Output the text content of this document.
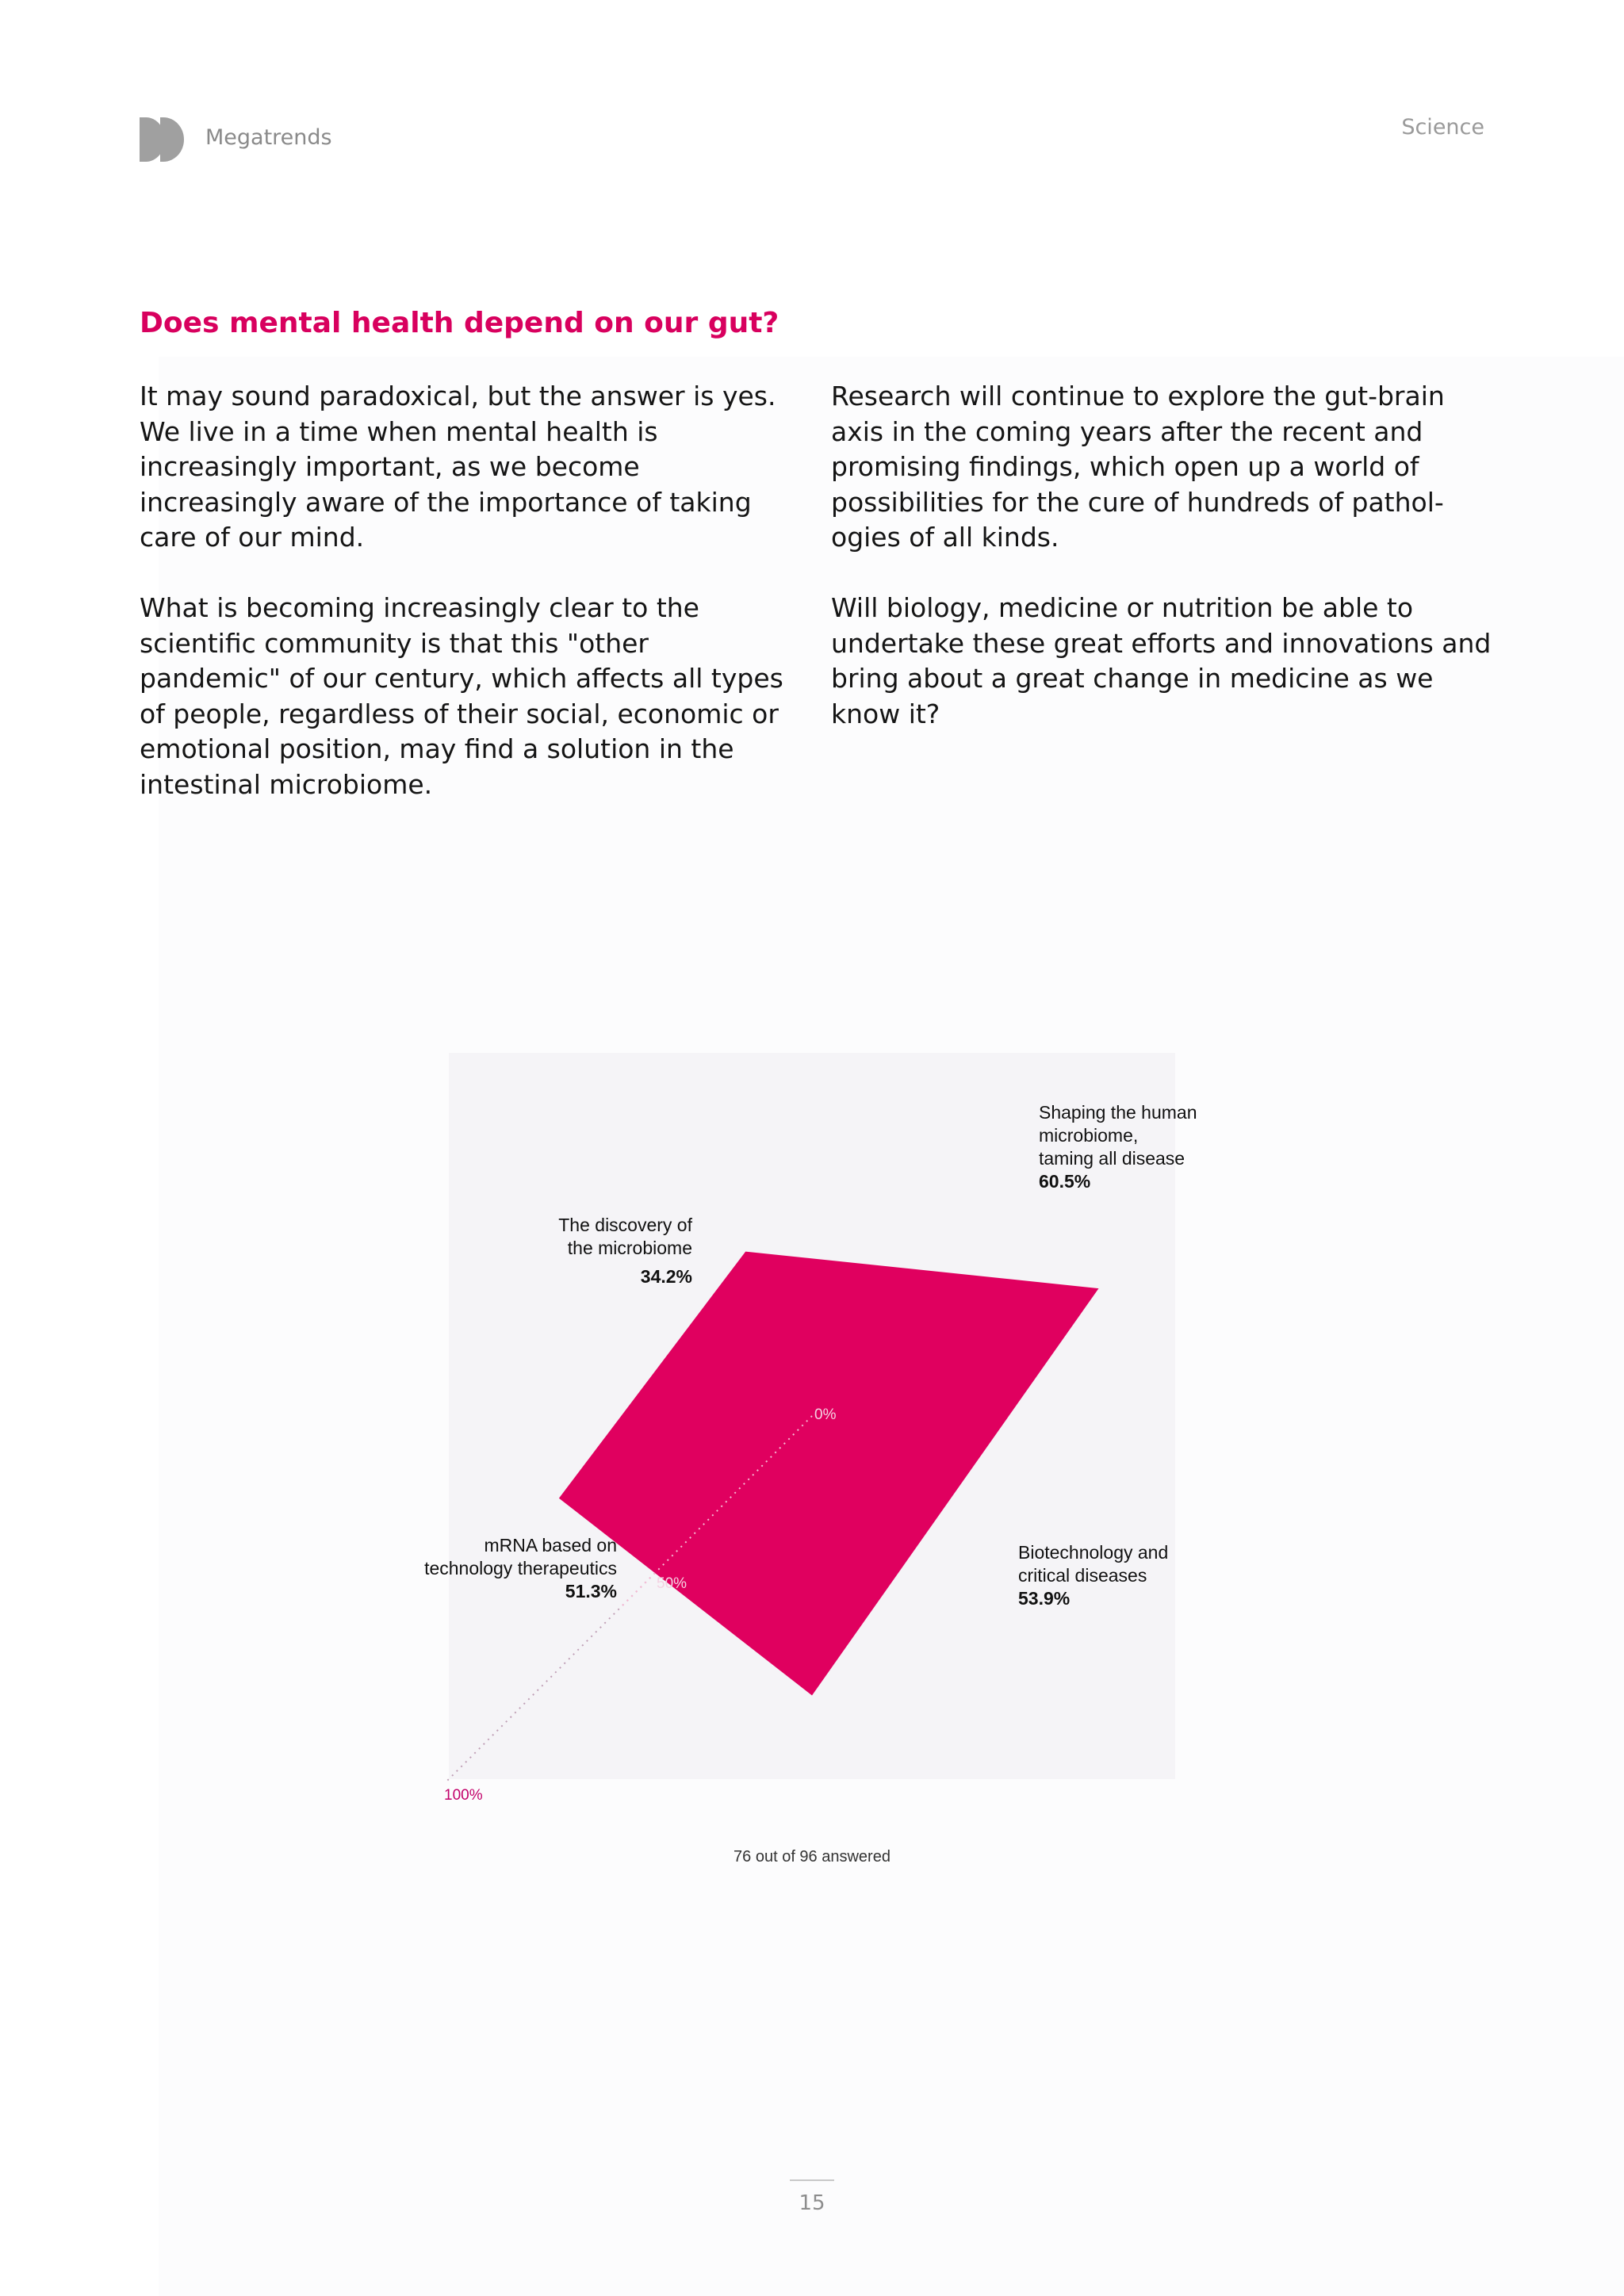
Megatrends	Science
Does mental health depend on our gut?

It may sound paradoxical, but the answer is yes. We live in a time when mental health is increasingly important, as we become increasingly aware of the importance of taking care of our mind.

What is becoming increasingly clear to the scientific community is that this "other pandemic" of our century, which affects all types of people, regardless of their social, economic or emotional position, may find a solution in the intestinal microbiome.

Research will continue to explore the gut-brain axis in the coming years after the recent and promising findings, which open up a world of possibilities for the cure of hundreds of pathol-ogies of all kinds.

Will biology, medicine or nutrition be able to undertake these great efforts and innovations and bring about a great change in medicine as we know it?

0%
50%
100%
The discovery of
the microbiome
34.2%
Shaping the human
microbiome,
taming all disease
60.5%
Biotechnology and
critical diseases
53.9%
mRNA based on
technology therapeutics
51.3%
76 out of 96 answered
15
